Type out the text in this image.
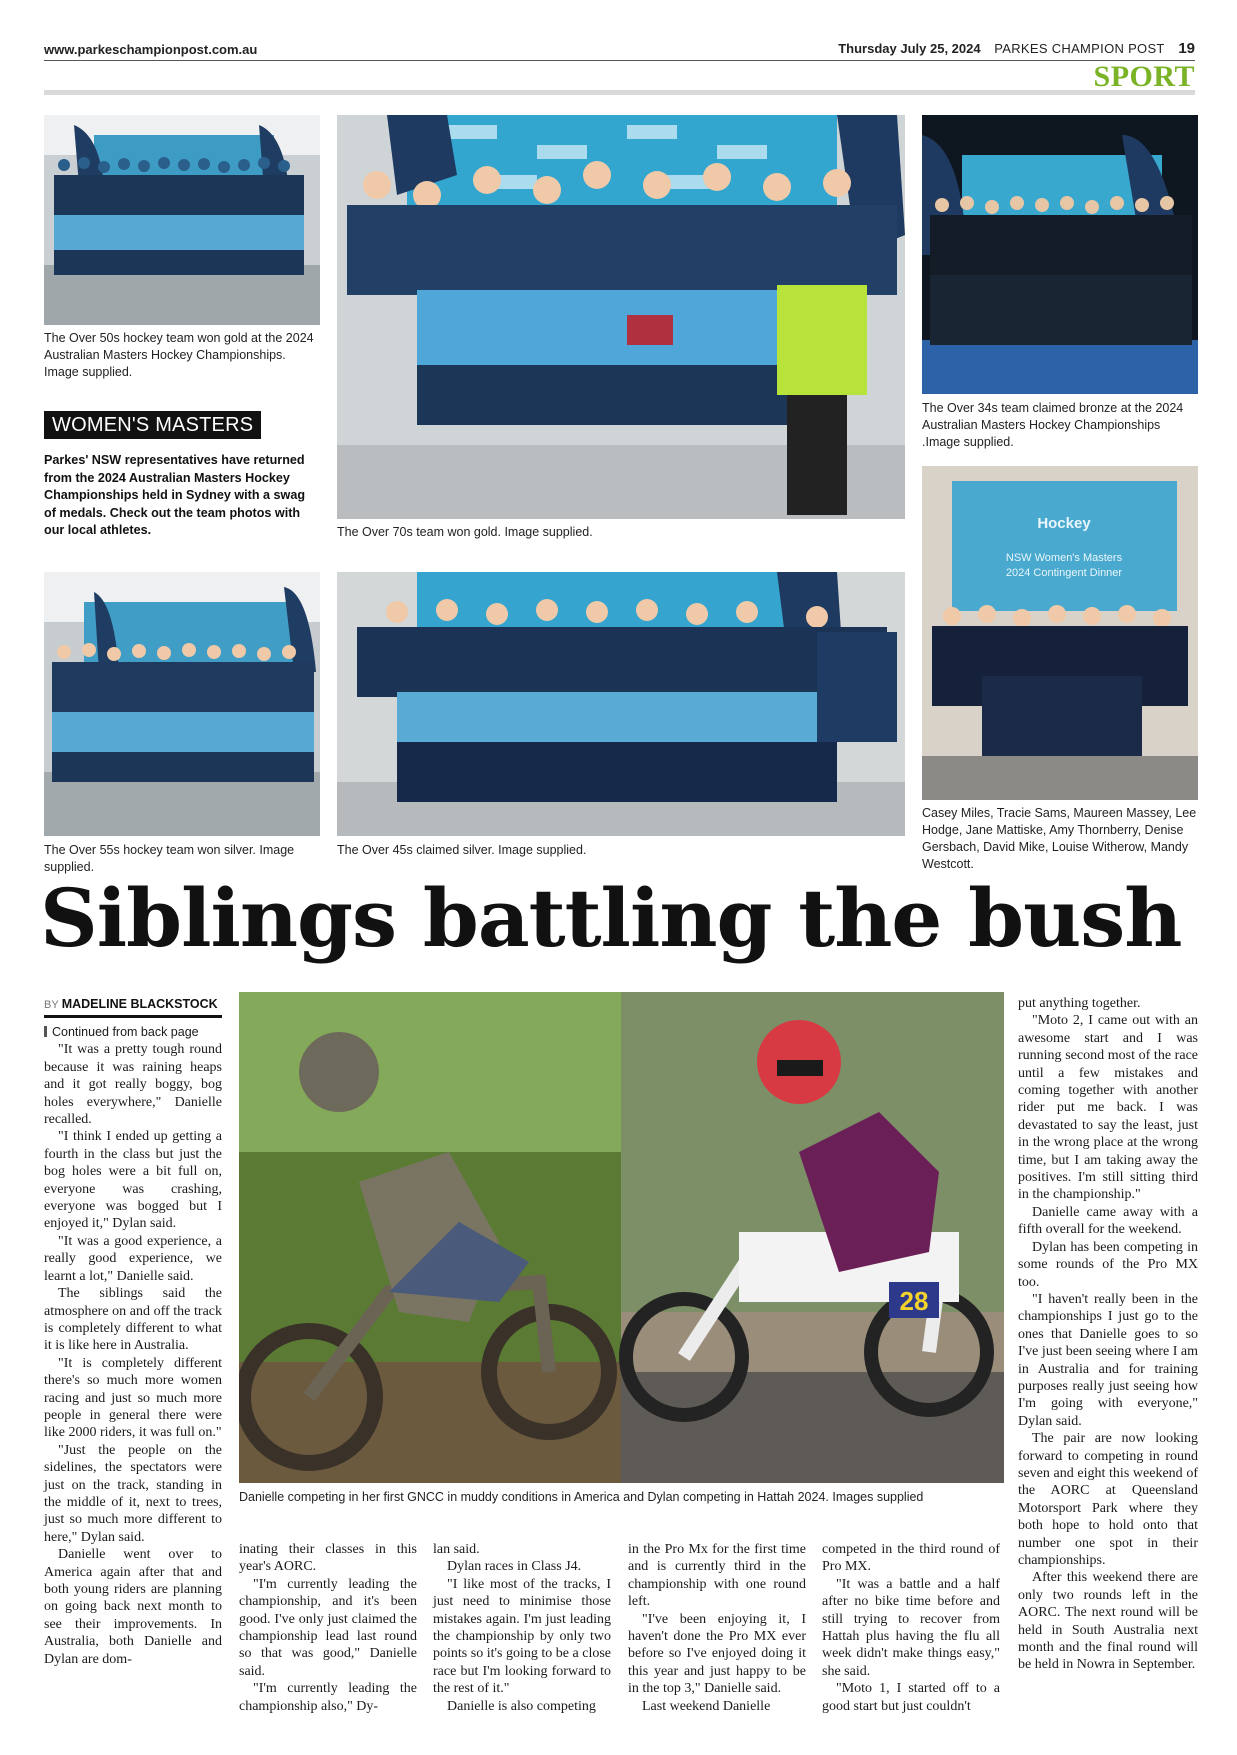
www.parkeschampionpost.com.au	Thursday July 25, 2024 PARKES CHAMPION POST 19
SPORT
The Over 50s hockey team won gold at the 2024 Australian Masters Hockey Championships. Image supplied.
WOMEN'S MASTERS
Parkes' NSW representatives have returned from the 2024 Australian Masters Hockey Championships held in Sydney with a swag of medals. Check out the team photos with our local athletes.	The Over 70s team won gold. Image supplied.
The Over 34s team claimed bronze at the 2024 Australian Masters Hockey Championships .Image supplied.
The Over 55s hockey team won silver. Image supplied.
The Over 45s claimed silver. Image supplied.
Hockey
NSW Women's Masters
2024 Contingent Dinner
Casey Miles, Tracie Sams, Maureen Massey, Lee Hodge, Jane Mattiske, Amy Thornberry, Denise Gersbach, David Mike, Louise Witherow, Mandy Westcott.
Siblings battling the bush
BY MADELINE BLACKSTOCK
28
Danielle competing in her first GNCC in muddy conditions in America and Dylan competing in Hattah 2024. Images supplied

Continued from back page

"It was a pretty tough round because it was raining heaps and it got really boggy, bog holes everywhere," Danielle recalled.

"I think I ended up getting a fourth in the class but just the bog holes were a bit full on, everyone was crashing, everyone was bogged but I enjoyed it," Dylan said.

"It was a good experience, a really good experience, we learnt a lot," Danielle said.

The siblings said the atmosphere on and off the track is completely different to what it is like here in Australia.

"It is completely different there's so much more women racing and just so much more people in general there were like 2000 riders, it was full on."

"Just the people on the sidelines, the spectators were just on the track, standing in the middle of it, next to trees, just so much more different to here," Dylan said.

Danielle went over to America again after that and both young riders are planning on going back next month to see their improvements. In Australia, both Danielle and Dylan are dom-

inating their classes in this year's AORC.

"I'm currently leading the championship, and it's been good. I've only just claimed the championship lead last round so that was good," Danielle said.

"I'm currently leading the championship also," Dy-

lan said.

Dylan races in Class J4.

"I like most of the tracks, I just need to minimise those mistakes again. I'm just leading the championship by only two points so it's going to be a close race but I'm looking forward to the rest of it."

Danielle is also competing

in the Pro Mx for the first time and is currently third in the championship with one round left.

"I've been enjoying it, I haven't done the Pro MX ever before so I've enjoyed doing it this year and just happy to be in the top 3," Danielle said.

Last weekend Danielle

competed in the third round of Pro MX.

"It was a battle and a half after no bike time before and still trying to recover from Hattah plus having the flu all week didn't make things easy," she said.

"Moto 1, I started off to a good start but just couldn't

put anything together.

"Moto 2, I came out with an awesome start and I was running second most of the race until a few mistakes and coming together with another rider put me back. I was devastated to say the least, just in the wrong place at the wrong time, but I am taking away the positives. I'm still sitting third in the championship."

Danielle came away with a fifth overall for the weekend.

Dylan has been competing in some rounds of the Pro MX too.

"I haven't really been in the championships I just go to the ones that Danielle goes to so I've just been seeing where I am in Australia and for training purposes really just seeing how I'm going with everyone," Dylan said.

The pair are now looking forward to competing in round seven and eight this weekend of the AORC at Queensland Motorsport Park where they both hope to hold onto that number one spot in their championships.

After this weekend there are only two rounds left in the AORC. The next round will be held in South Australia next month and the final round will be held in Nowra in September.
